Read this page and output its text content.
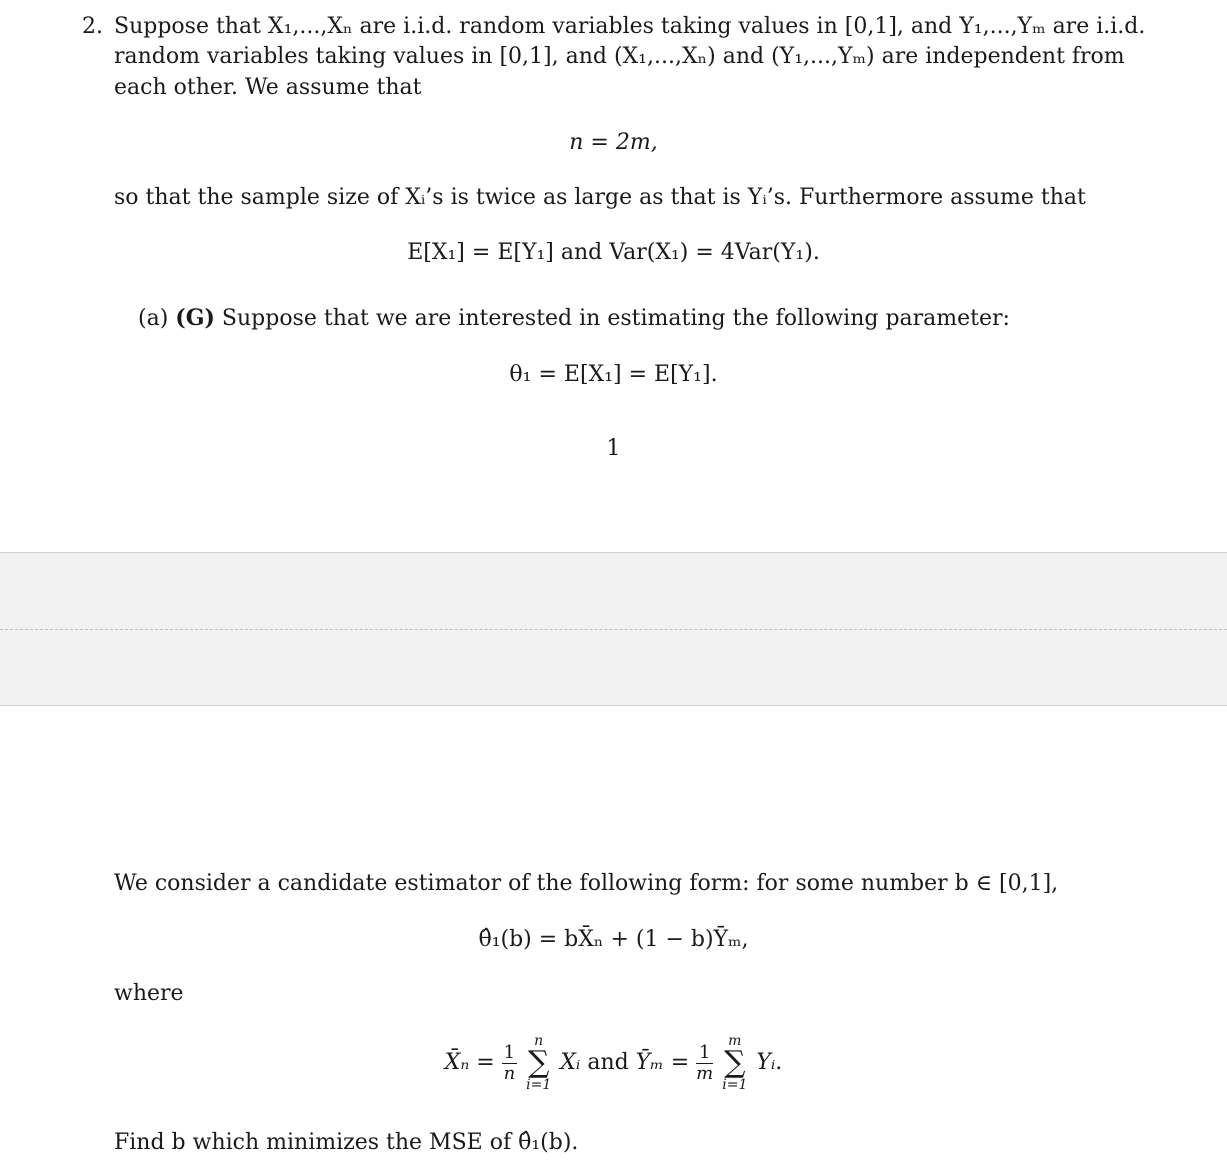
2. Suppose that X₁,...,Xₙ are i.i.d. random variables taking values in [0,1], and Y₁,...,Yₘ are i.i.d.
random variables taking values in [0,1], and (X₁,...,Xₙ) and (Y₁,...,Yₘ) are independent from
each other. We assume that
n = 2m,
so that the sample size of Xᵢ’s is twice as large as that is Yᵢ’s. Furthermore assume that
E[X₁] = E[Y₁] and Var(X₁) = 4Var(Y₁).
(a) (G) Suppose that we are interested in estimating the following parameter:
θ₁ = E[X₁] = E[Y₁].
1
We consider a candidate estimator of the following form: for some number b ∈ [0,1],
θ̂₁(b) = bX̄ₙ + (1 − b)Ȳₘ,
where
X̄ₙ = $\frac{1}{n}$

n
∑
i=1
Xᵢ and Ȳₘ = $\frac{1}{m}$

m
∑
i=1
Yᵢ.
Find b which minimizes the MSE of θ̂₁(b).
